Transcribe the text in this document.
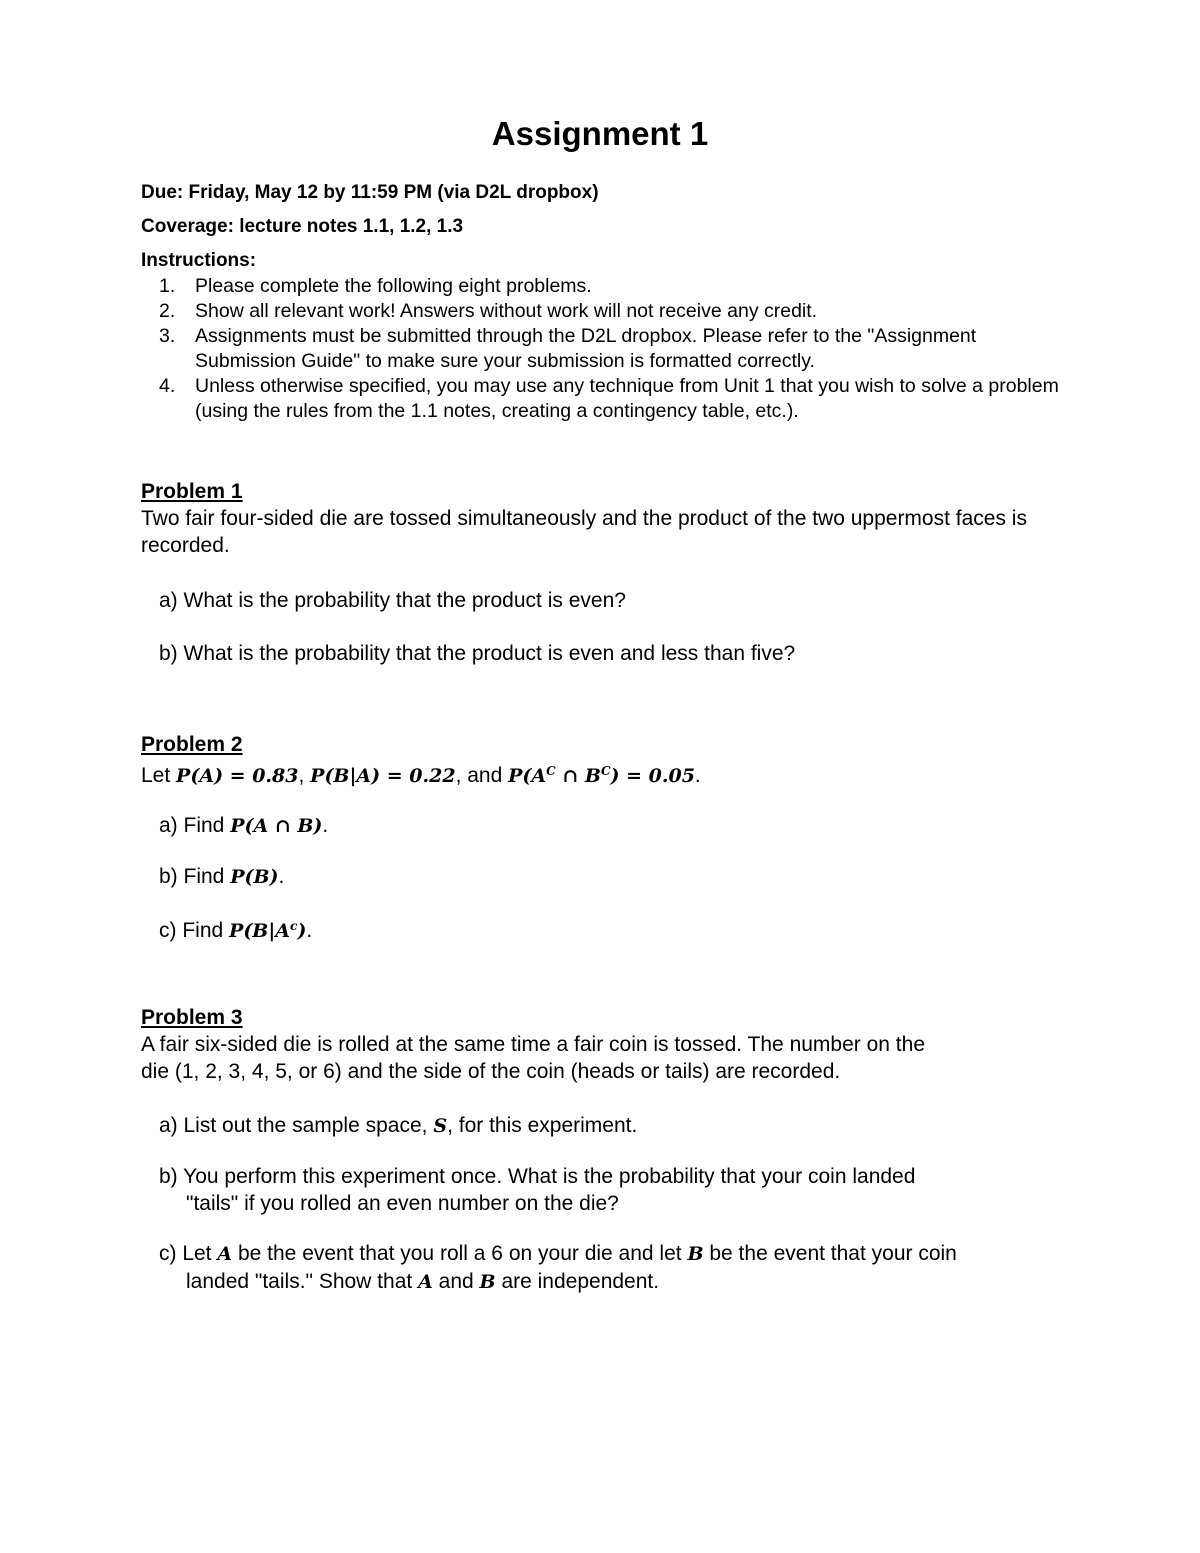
Assignment 1
Due: Friday, May 12 by 11:59 PM (via D2L dropbox)
Coverage: lecture notes 1.1, 1.2, 1.3
Instructions:
1. Please complete the following eight problems.
2. Show all relevant work! Answers without work will not receive any credit.
3. Assignments must be submitted through the D2L dropbox. Please refer to the "Assignment Submission Guide" to make sure your submission is formatted correctly.
4. Unless otherwise specified, you may use any technique from Unit 1 that you wish to solve a problem (using the rules from the 1.1 notes, creating a contingency table, etc.).
Problem 1
Two fair four-sided die are tossed simultaneously and the product of the two uppermost faces is recorded.
a) What is the probability that the product is even?
b) What is the probability that the product is even and less than five?
Problem 2
Let P(A) = 0.83, P(B|A) = 0.22, and $P(A^C$ ∩ $B^C) = 0.05$.
a) Find P(A ∩ B).
b) Find P(B).
c) Find $P(B|A^c)$.
Problem 3
A fair six-sided die is rolled at the same time a fair coin is tossed. The number on the
die (1, 2, 3, 4, 5, or 6) and the side of the coin (heads or tails) are recorded.
a) List out the sample space, S, for this experiment.
b) You perform this experiment once. What is the probability that your coin landed
"tails" if you rolled an even number on the die?
c) Let A be the event that you roll a 6 on your die and let B be the event that your coin
landed "tails." Show that A and B are independent.
